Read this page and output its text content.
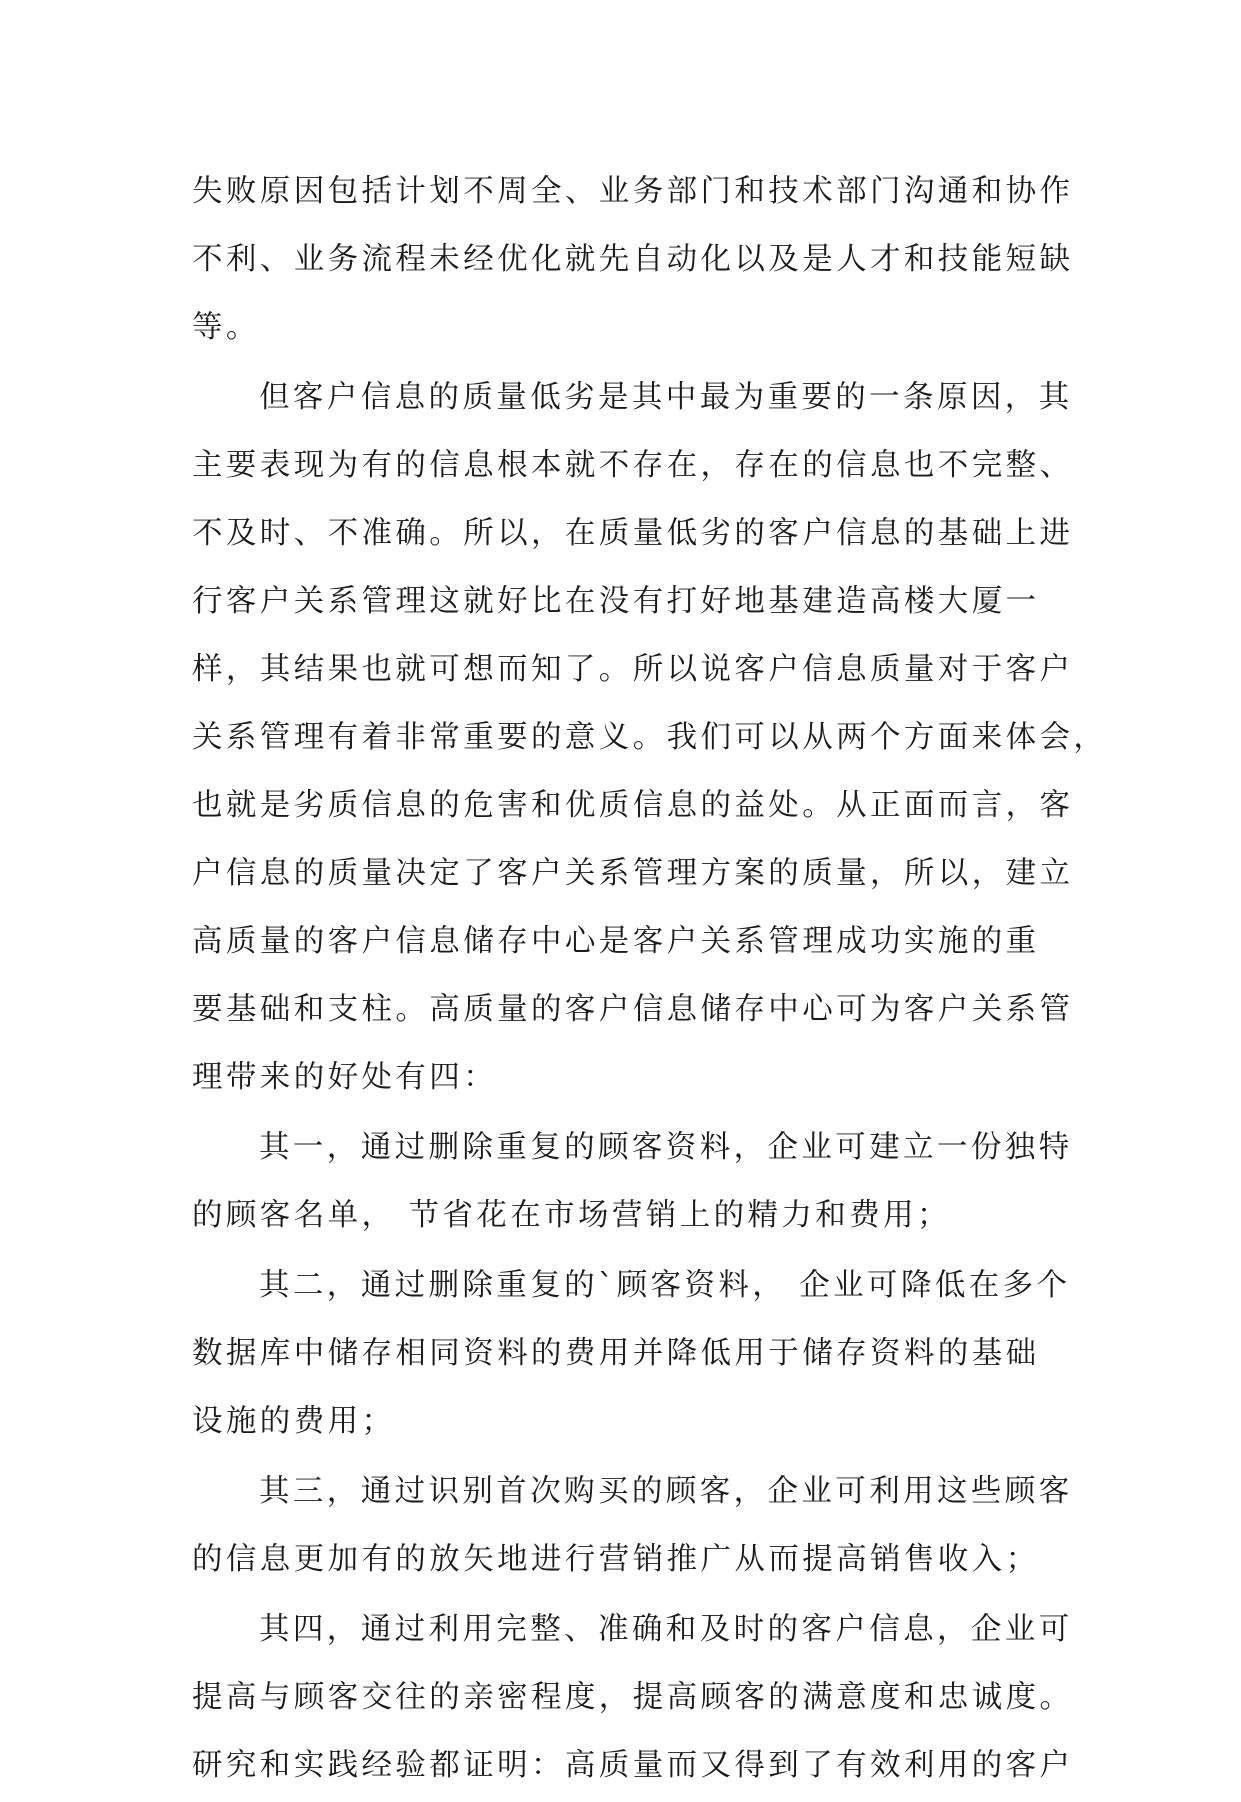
失败原因包括计划不周全、业务部门和技术部门沟通和协作
不利、业务流程未经优化就先自动化以及是人才和技能短缺
等。
但客户信息的质量低劣是其中最为重要的一条原因，其
主要表现为有的信息根本就不存在，存在的信息也不完整、
不及时、不准确。所以，在质量低劣的客户信息的基础上进
行客户关系管理这就好比在没有打好地基建造高楼大厦一
样，其结果也就可想而知了。所以说客户信息质量对于客户
关系管理有着非常重要的意义。我们可以从两个方面来体会，
也就是劣质信息的危害和优质信息的益处。从正面而言，客
户信息的质量决定了客户关系管理方案的质量，所以，建立
高质量的客户信息储存中心是客户关系管理成功实施的重
要基础和支柱。高质量的客户信息储存中心可为客户关系管
理带来的好处有四：
其一，通过删除重复的顾客资料，企业可建立一份独特
的顾客名单， 节省花在市场营销上的精力和费用；
其二，通过删除重复的`顾客资料， 企业可降低在多个
数据库中储存相同资料的费用并降低用于储存资料的基础
设施的费用；
其三，通过识别首次购买的顾客，企业可利用这些顾客
的信息更加有的放矢地进行营销推广从而提高销售收入；
其四，通过利用完整、准确和及时的客户信息，企业可
提高与顾客交往的亲密程度，提高顾客的满意度和忠诚度。
研究和实践经验都证明：高质量而又得到了有效利用的客户
